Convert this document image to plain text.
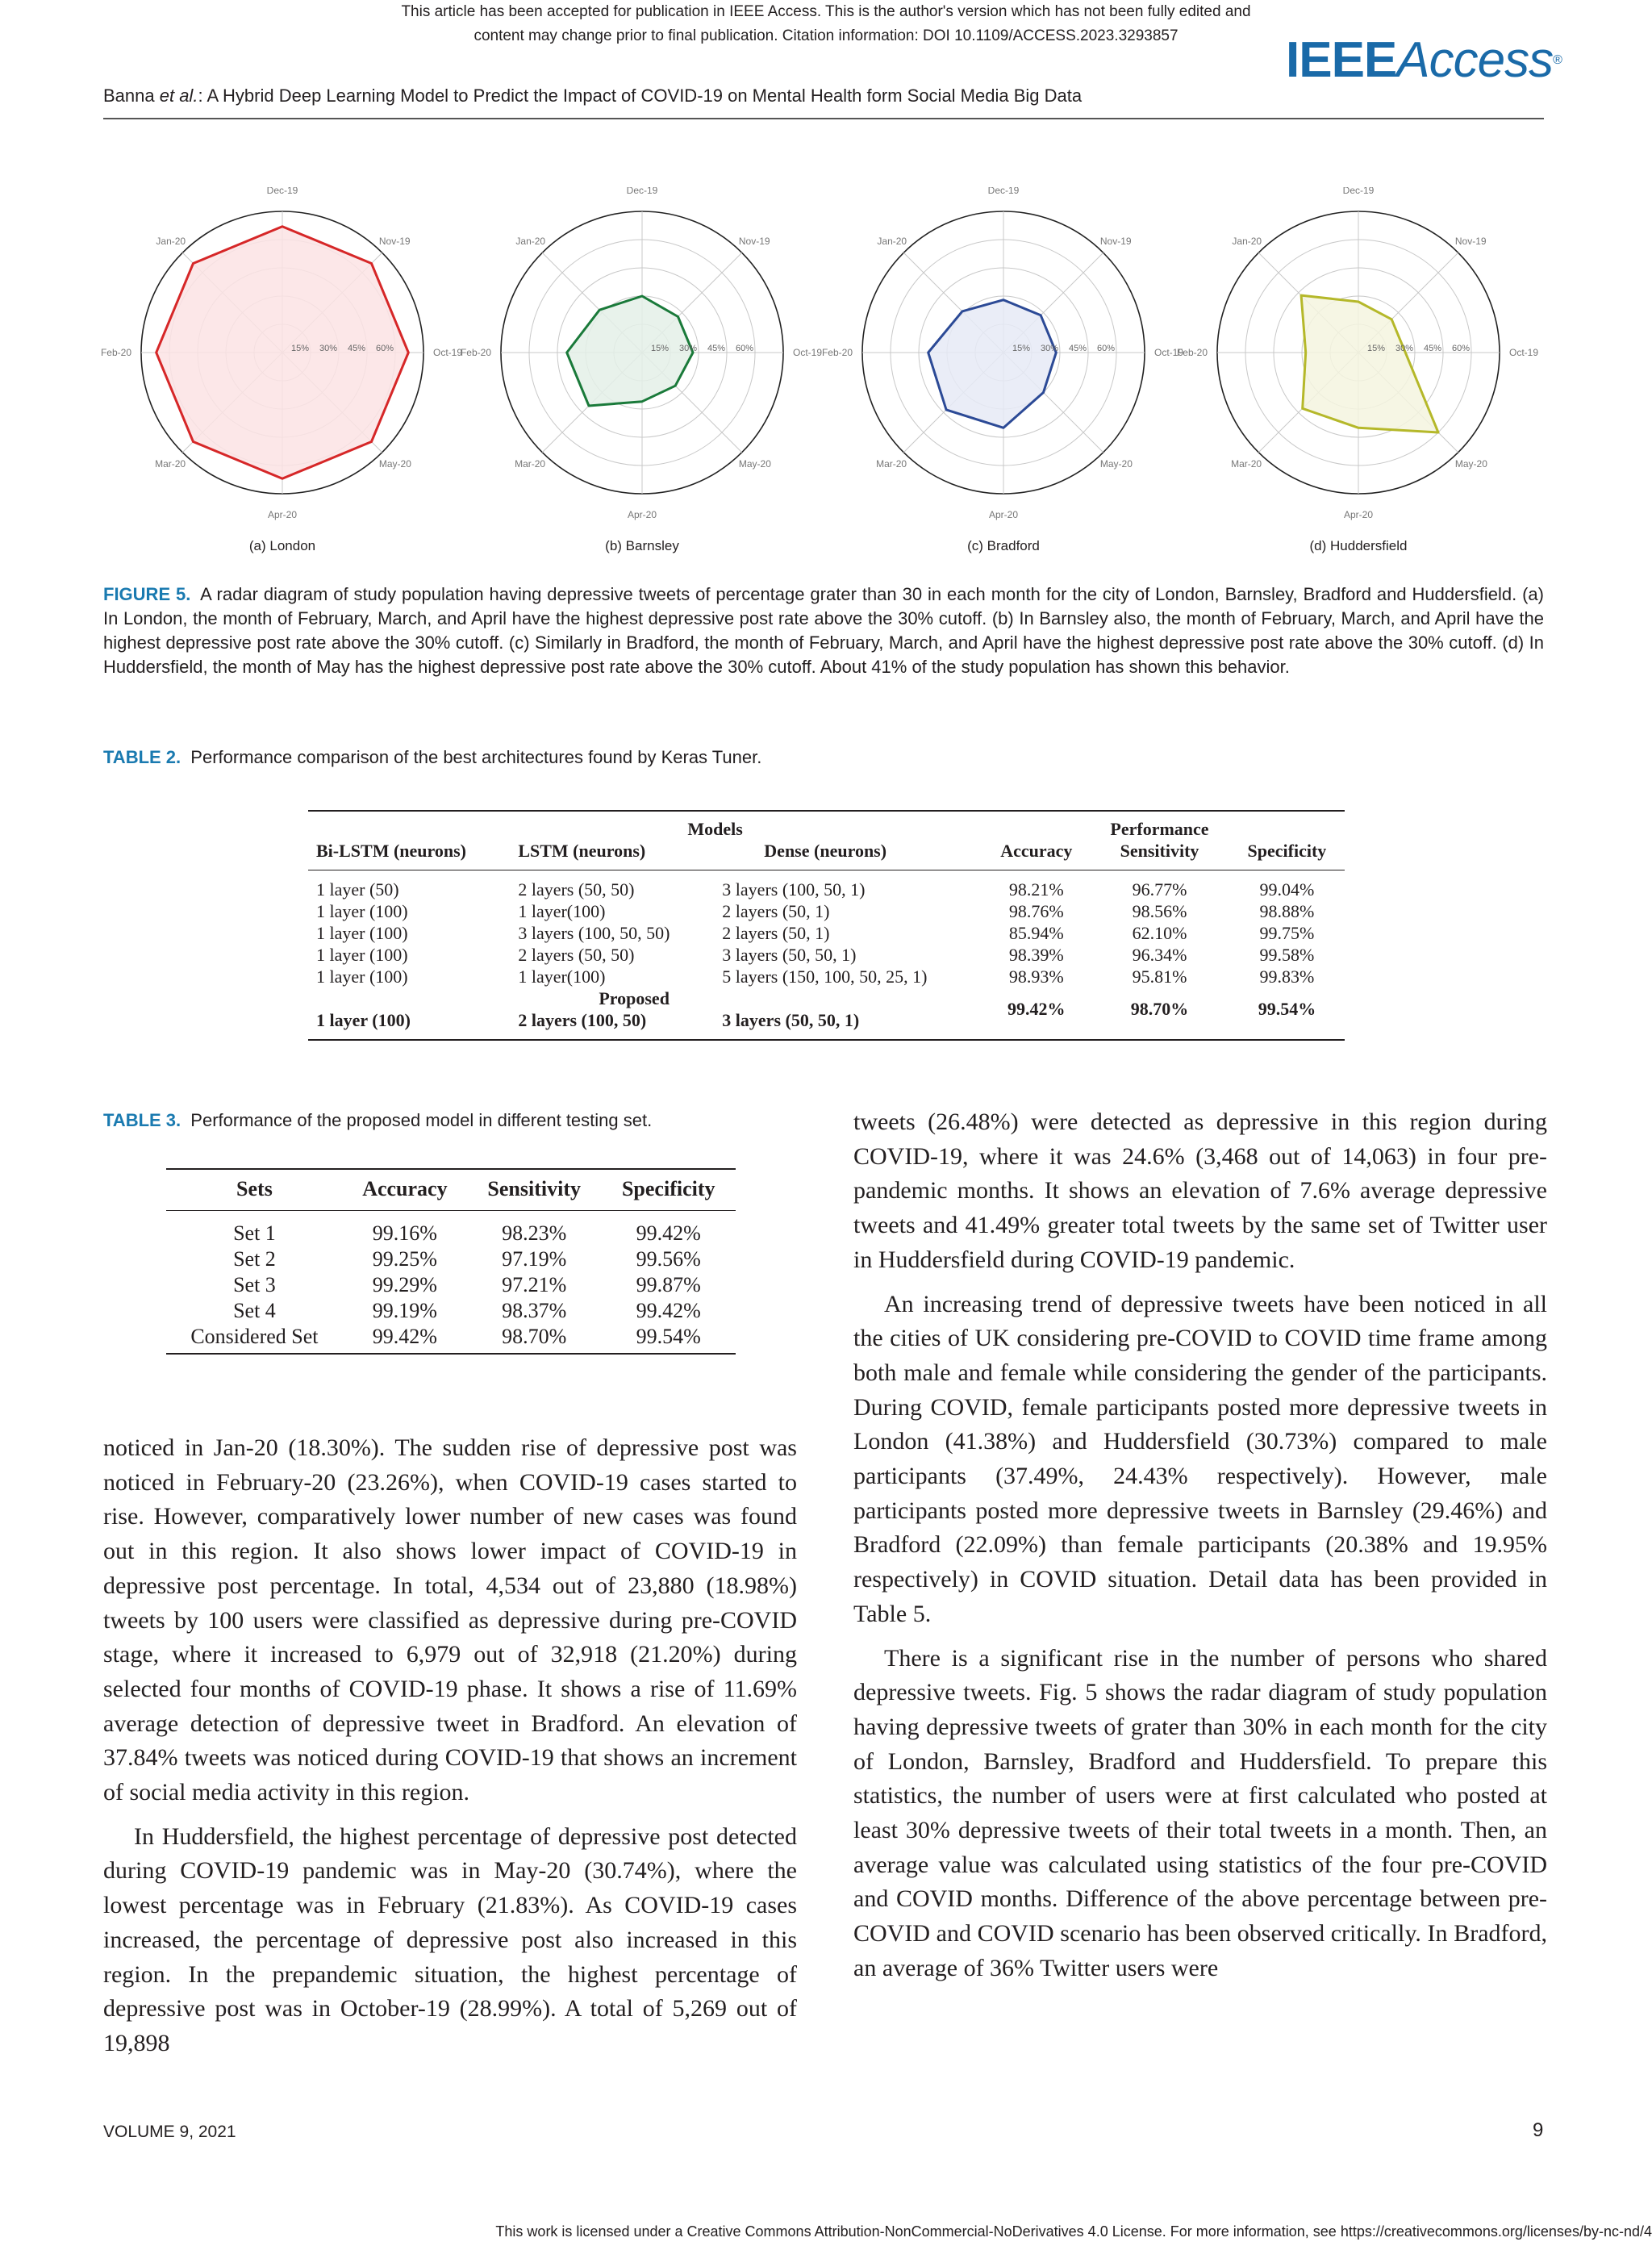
This article has been accepted for publication in IEEE Access. This is the author's version which has not been fully edited and
content may change prior to final publication. Citation information: DOI 10.1109/ACCESS.2023.3293857	IEEEAccess®
Banna et al.: A Hybrid Deep Learning Model to Predict the Impact of COVID-19 on Mental Health form Social Media Big Data
15% 30% 45% 60%
Dec-19
Nov-19
Oct-19
May-20
Apr-20
Mar-20
Feb-20
Jan-20
(a) London
15% 30% 45% 60%
Dec-19
Nov-19
Oct-19
May-20
Apr-20
Mar-20
Feb-20
Jan-20
(b) Barnsley
15% 30% 45% 60%
Dec-19
Nov-19
Oct-19
May-20
Apr-20
Mar-20
Feb-20
Jan-20
(c) Bradford
15% 30% 45% 60%
Dec-19
Nov-19
Oct-19
May-20
Apr-20
Mar-20
Feb-20
Jan-20
(d) Huddersfield
FIGURE 5. A radar diagram of study population having depressive tweets of percentage grater than 30 in each month for the city of London, Barnsley, Bradford and Huddersfield. (a) In London, the month of February, March, and April have the highest depressive post rate above the 30% cutoff. (b) In Barnsley also, the month of February, March, and April have the highest depressive post rate above the 30% cutoff. (c) Similarly in Bradford, the month of February, March, and April have the highest depressive post rate above the 30% cutoff. (d) In Huddersfield, the month of May has the highest depressive post rate above the 30% cutoff. About 41% of the study population has shown this behavior.
TABLE 2. Performance comparison of the best architectures found by Keras Tuner.
	Models			Performance	
Bi-LSTM (neurons)	LSTM (neurons)	Dense (neurons)	Accuracy	Sensitivity	Specificity
1 layer (50)	2 layers (50, 50)	3 layers (100, 50, 1)	98.21%	96.77%	99.04%
1 layer (100)	1 layer(100)	2 layers (50, 1)	98.76%	98.56%	98.88%
1 layer (100)	3 layers (100, 50, 50)	2 layers (50, 1)	85.94%	62.10%	99.75%
1 layer (100)	2 layers (50, 50)	3 layers (50, 50, 1)	98.39%	96.34%	99.58%
1 layer (100)	1 layer(100)	5 layers (150, 100, 50, 25, 1)	98.93%	95.81%	99.83%
	Proposed				
1 layer (100)	2 layers (100, 50)	3 layers (50, 50, 1)	99.42%	98.70%	99.54%
TABLE 3. Performance of the proposed model in different testing set.
Sets	Accuracy	Sensitivity	Specificity
Set 1	99.16%	98.23%	99.42%
Set 2	99.25%	97.19%	99.56%
Set 3	99.29%	97.21%	99.87%
Set 4	99.19%	98.37%	99.42%
Considered Set	99.42%	98.70%	99.54%

noticed in Jan-20 (18.30%). The sudden rise of depressive post was noticed in February-20 (23.26%), when COVID-19 cases started to rise. However, comparatively lower number of new cases was found out in this region. It also shows lower impact of COVID-19 in depressive post percentage. In total, 4,534 out of 23,880 (18.98%) tweets by 100 users were classified as depressive during pre-COVID stage, where it increased to 6,979 out of 32,918 (21.20%) during selected four months of COVID-19 phase. It shows a rise of 11.69% average detection of depressive tweet in Bradford. An elevation of 37.84% tweets was noticed during COVID-19 that shows an increment of social media activity in this region.

In Huddersfield, the highest percentage of depressive post detected during COVID-19 pandemic was in May-20 (30.74%), where the lowest percentage was in February (21.83%). As COVID-19 cases increased, the percentage of depressive post also increased in this region. In the prepandemic situation, the highest percentage of depressive post was in October-19 (28.99%). A total of 5,269 out of 19,898

tweets (26.48%) were detected as depressive in this region during COVID-19, where it was 24.6% (3,468 out of 14,063) in four pre-pandemic months. It shows an elevation of 7.6% average depressive tweets and 41.49% greater total tweets by the same set of Twitter user in Huddersfield during COVID-19 pandemic.

An increasing trend of depressive tweets have been noticed in all the cities of UK considering pre-COVID to COVID time frame among both male and female while considering the gender of the participants. During COVID, female participants posted more depressive tweets in London (41.38%) and Huddersfield (30.73%) compared to male participants (37.49%, 24.43% respectively). However, male participants posted more depressive tweets in Barnsley (29.46%) and Bradford (22.09%) than female participants (20.38% and 19.95% respectively) in COVID situation. Detail data has been provided in Table 5.

There is a significant rise in the number of persons who shared depressive tweets. Fig. 5 shows the radar diagram of study population having depressive tweets of grater than 30% in each month for the city of London, Barnsley, Bradford and Huddersfield. To prepare this statistics, the number of users were at first calculated who posted at least 30% depressive tweets of their total tweets in a month. Then, an average value was calculated using statistics of the four pre-COVID and COVID months. Difference of the above percentage between pre-COVID and COVID scenario has been observed critically. In Bradford, an average of 36% Twitter users were

VOLUME 9, 2021	9
This work is licensed under a Creative Commons Attribution-NonCommercial-NoDerivatives 4.0 License. For more information, see https://creativecommons.org/licenses/by-nc-nd/4
